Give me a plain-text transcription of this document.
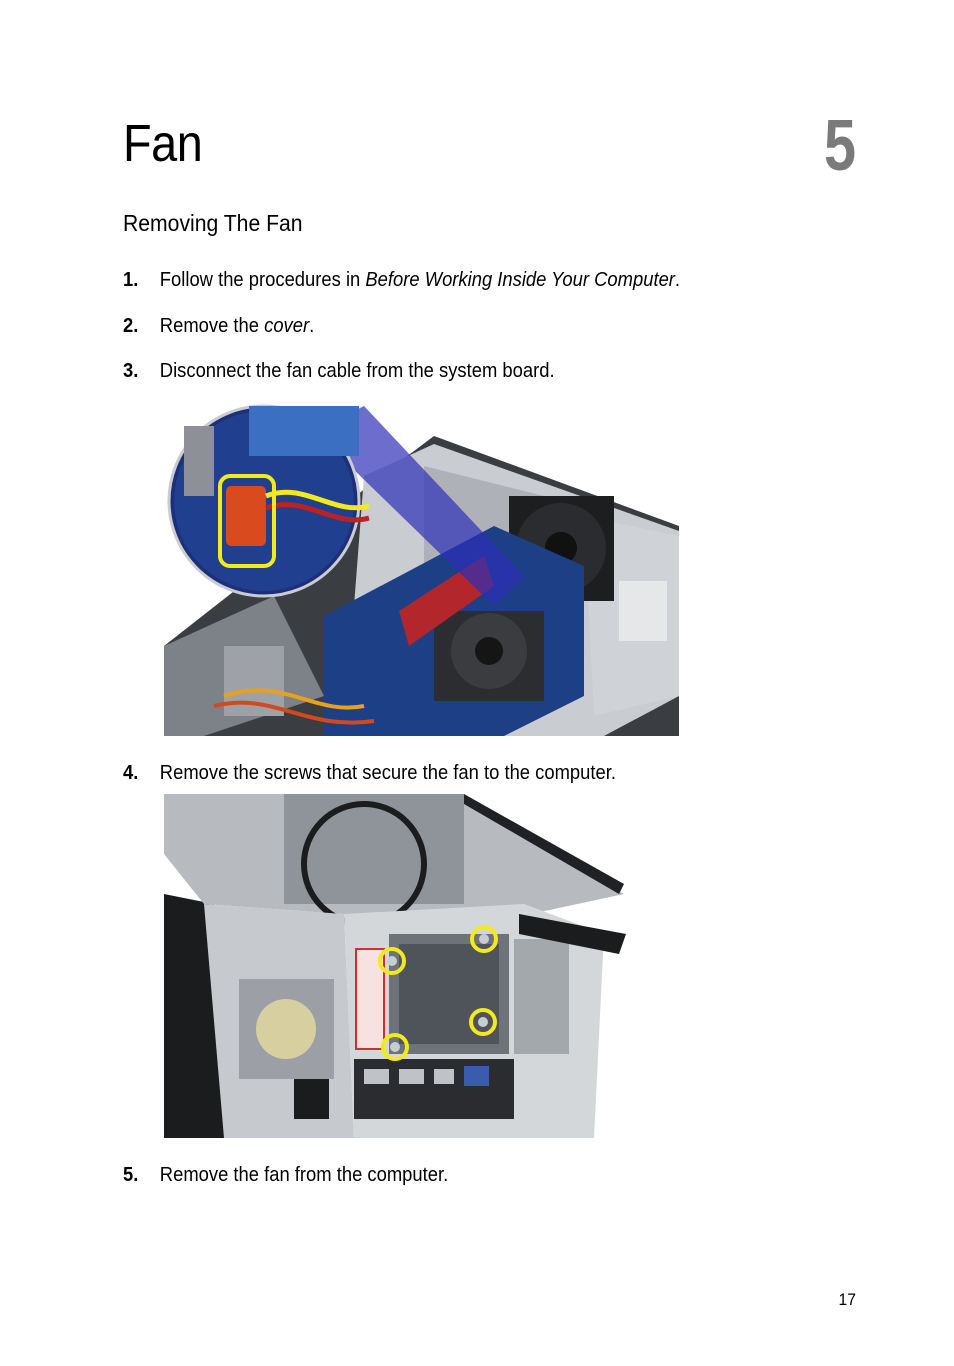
Fan	5
Removing The Fan
1. Follow the procedures in Before Working Inside Your Computer.
2. Remove the cover.
3. Disconnect the fan cable from the system board.
4. Remove the screws that secure the fan to the computer.
5. Remove the fan from the computer.
17
